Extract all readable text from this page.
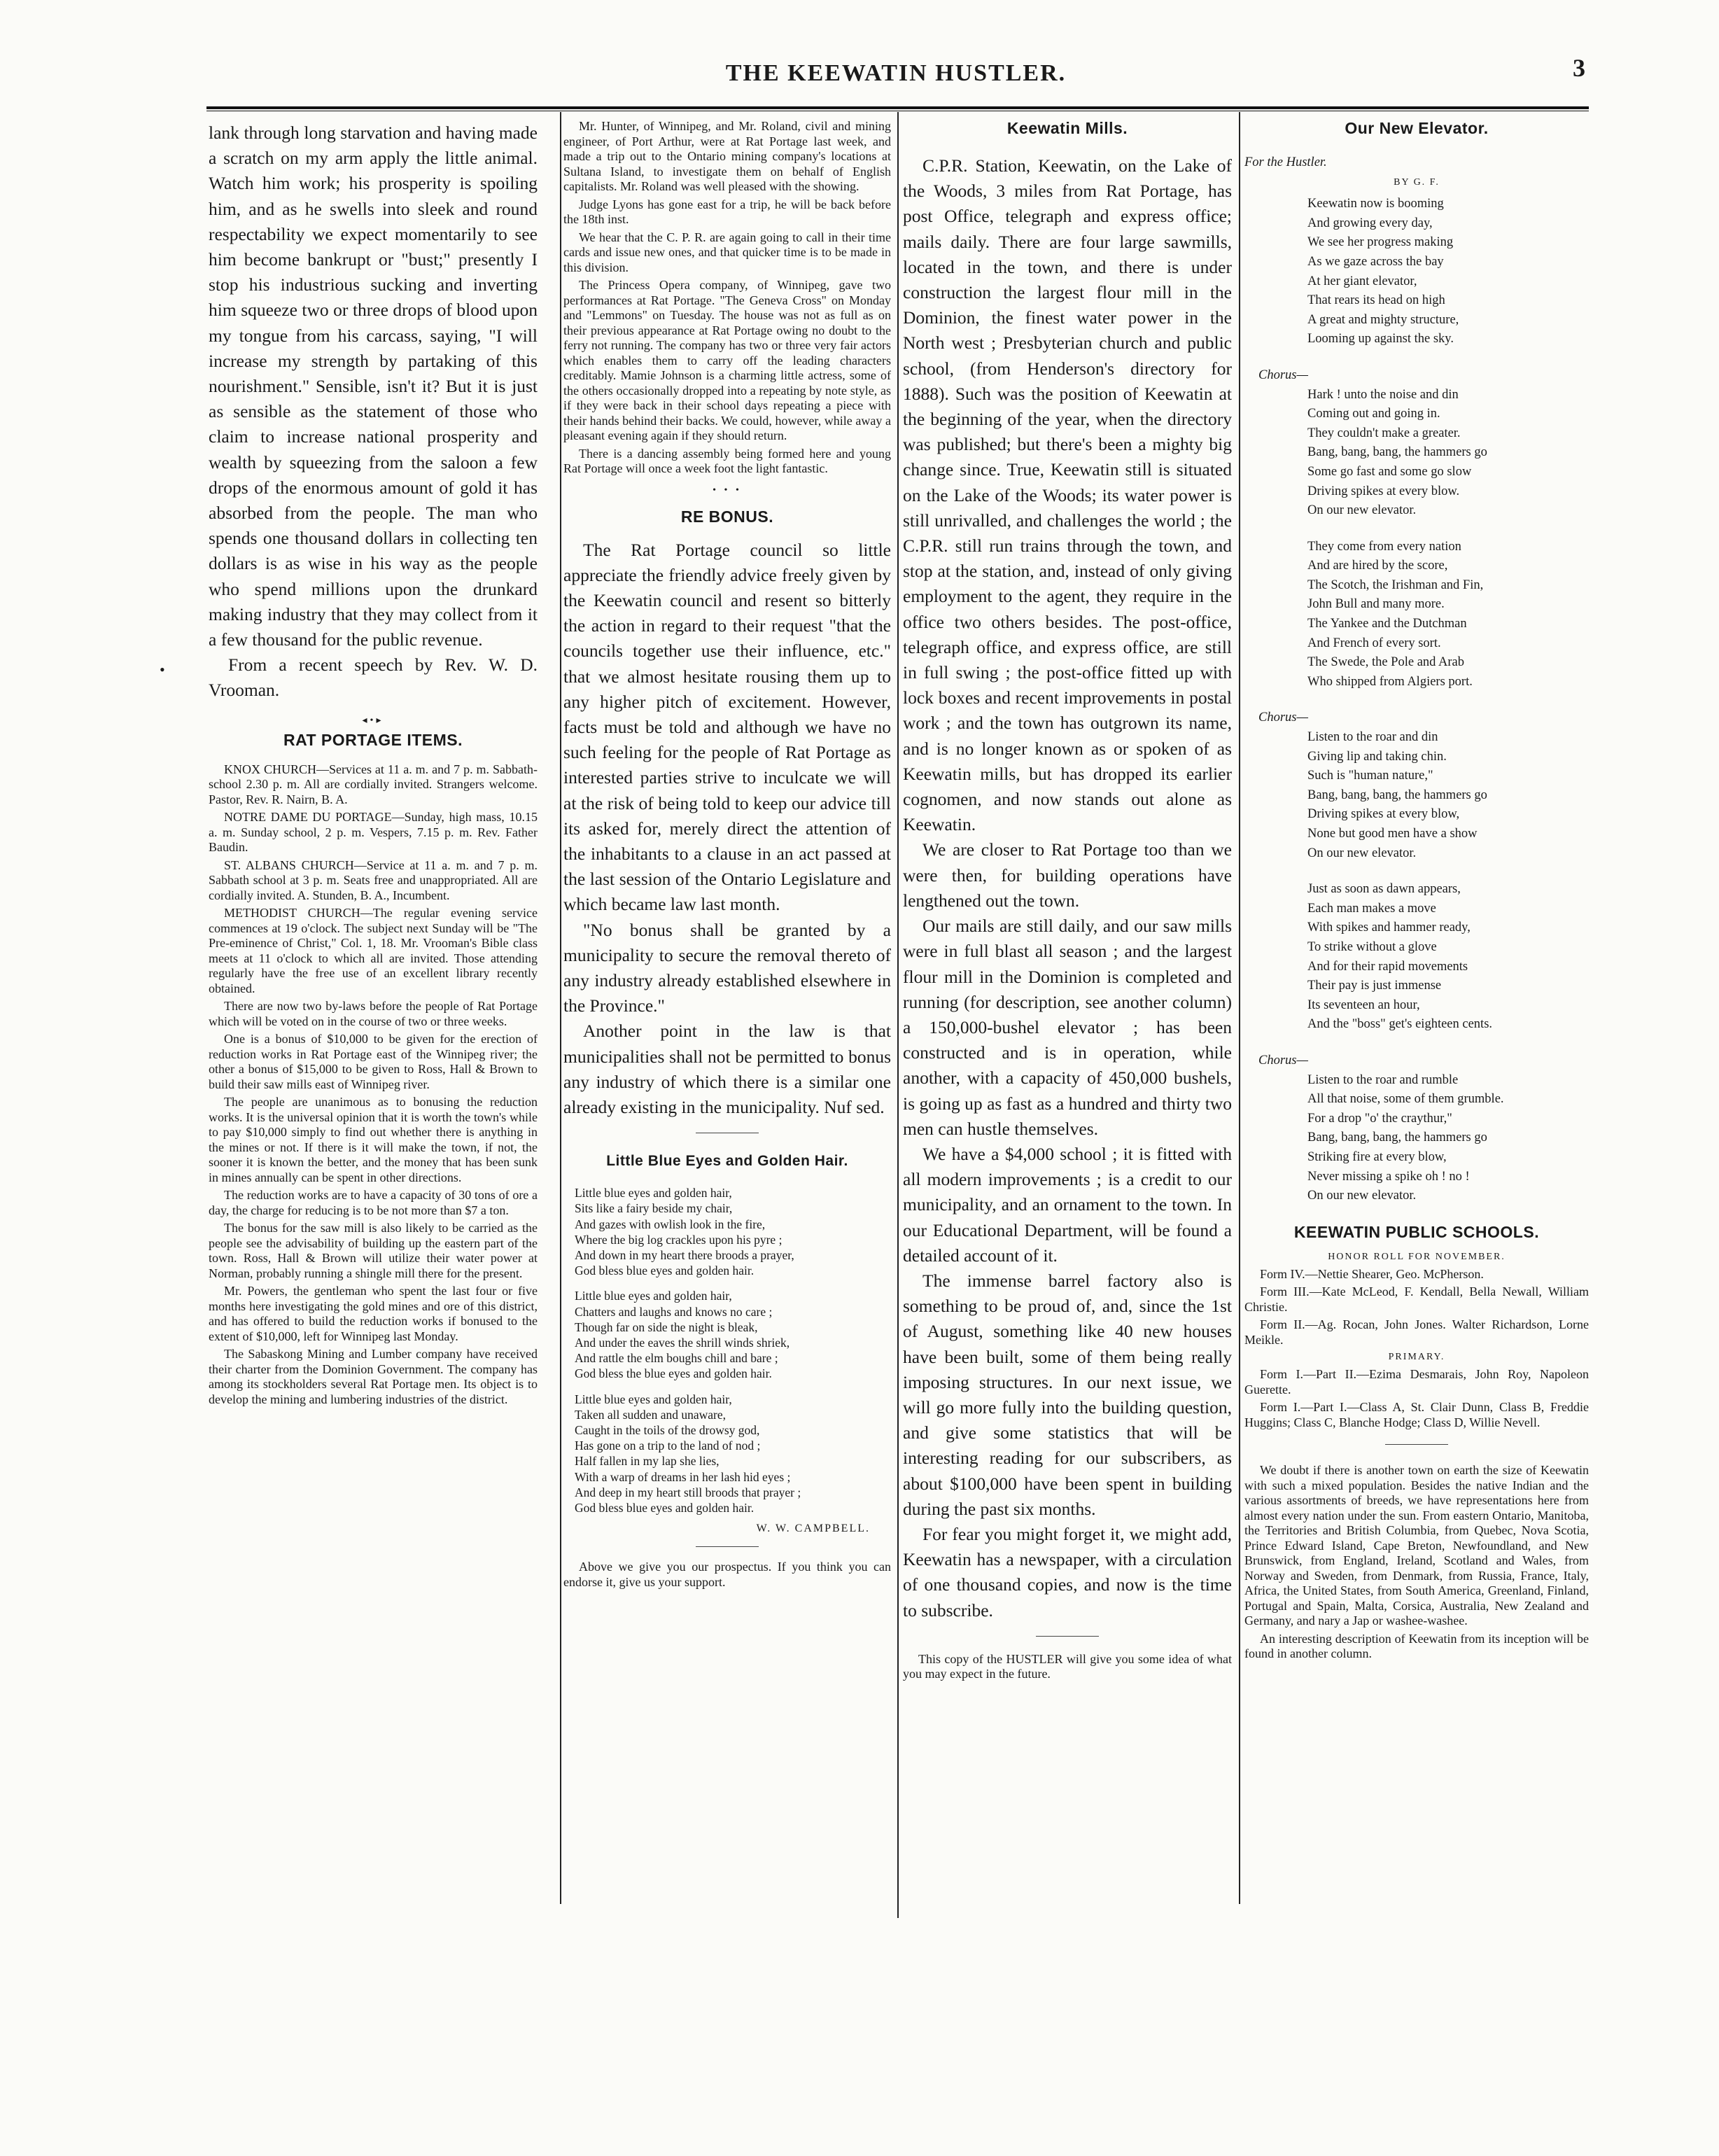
THE KEEWATIN HUSTLER.	3
•

lank through long starvation and having made a scratch on my arm apply the little animal. Watch him work; his prosperity is spoiling him, and as he swells into sleek and round respectability we expect momentarily to see him become bankrupt or "bust;" presently I stop his industrious sucking and inverting him squeeze two or three drops of blood upon my tongue from his carcass, saying, "I will increase my strength by partaking of this nourishment." Sensible, isn't it? But it is just as sensible as the statement of those who claim to increase national prosperity and wealth by squeezing from the saloon a few drops of the enormous amount of gold it has absorbed from the people. The man who spends one thousand dollars in collecting ten dollars is as wise in his way as the people who spend millions upon the drunkard making industry that they may collect from it a few thousand for the public revenue.

From a recent speech by Rev. W. D. Vrooman.

◂•▸
RAT PORTAGE ITEMS.

KNOX CHURCH—Services at 11 a. m. and 7 p. m. Sabbath-school 2.30 p. m. All are cordially invited. Strangers welcome. Pastor, Rev. R. Nairn, B. A.

NOTRE DAME DU PORTAGE—Sunday, high mass, 10.15 a. m. Sunday school, 2 p. m. Vespers, 7.15 p. m. Rev. Father Baudin.

ST. ALBANS CHURCH—Service at 11 a. m. and 7 p. m. Sabbath school at 3 p. m. Seats free and unappropriated. All are cordially invited. A. Stunden, B. A., Incumbent.

METHODIST CHURCH—The regular evening service commences at 19 o'clock. The subject next Sunday will be "The Pre-eminence of Christ," Col. 1, 18. Mr. Vrooman's Bible class meets at 11 o'clock to which all are invited. Those attending regularly have the free use of an excellent library recently obtained.

There are now two by-laws before the people of Rat Portage which will be voted on in the course of two or three weeks.

One is a bonus of $10,000 to be given for the erection of reduction works in Rat Portage east of the Winnipeg river; the other a bonus of $15,000 to be given to Ross, Hall & Brown to build their saw mills east of Winnipeg river.

The people are unanimous as to bonusing the reduction works. It is the universal opinion that it is worth the town's while to pay $10,000 simply to find out whether there is anything in the mines or not. If there is it will make the town, if not, the sooner it is known the better, and the money that has been sunk in mines annually can be spent in other directions.

The reduction works are to have a capacity of 30 tons of ore a day, the charge for reducing is to be not more than $7 a ton.

The bonus for the saw mill is also likely to be carried as the people see the advisability of building up the eastern part of the town. Ross, Hall & Brown will utilize their water power at Norman, probably running a shingle mill there for the present.

Mr. Powers, the gentleman who spent the last four or five months here investigating the gold mines and ore of this district, and has offered to build the reduction works if bonused to the extent of $10,000, left for Winnipeg last Monday.

The Sabaskong Mining and Lumber company have received their charter from the Dominion Government. The company has among its stockholders several Rat Portage men. Its object is to develop the mining and lumbering industries of the district.

Mr. Hunter, of Winnipeg, and Mr. Roland, civil and mining engineer, of Port Arthur, were at Rat Portage last week, and made a trip out to the Ontario mining company's locations at Sultana Island, to investigate them on behalf of English capitalists. Mr. Roland was well pleased with the showing.

Judge Lyons has gone east for a trip, he will be back before the 18th inst.

We hear that the C. P. R. are again going to call in their time cards and issue new ones, and that quicker time is to be made in this division.

The Princess Opera company, of Winnipeg, gave two performances at Rat Portage. "The Geneva Cross" on Monday and "Lemmons" on Tuesday. The house was not as full as on their previous appearance at Rat Portage owing no doubt to the ferry not running. The company has two or three very fair actors which enables them to carry off the leading characters creditably. Mamie Johnson is a charming little actress, some of the others occasionally dropped into a repeating by note style, as if they were back in their school days repeating a piece with their hands behind their backs. We could, however, while away a pleasant evening again if they should return.

There is a dancing assembly being formed here and young Rat Portage will once a week foot the light fantastic.

• • •
RE BONUS.

The Rat Portage council so little appreciate the friendly advice freely given by the Keewatin council and resent so bitterly the action in regard to their request "that the councils together use their influence, etc." that we almost hesitate rousing them up to any higher pitch of excitement. However, facts must be told and although we have no such feeling for the people of Rat Portage as interested parties strive to inculcate we will at the risk of being told to keep our advice till its asked for, merely direct the attention of the inhabitants to a clause in an act passed at the last session of the Ontario Legislature and which became law last month.

"No bonus shall be granted by a municipality to secure the removal thereto of any industry already established elsewhere in the Province."

Another point in the law is that municipalities shall not be permitted to bonus any industry of which there is a similar one already existing in the municipality. Nuf sed.

Little Blue Eyes and Golden Hair.
Little blue eyes and golden hair,
Sits like a fairy beside my chair,
And gazes with owlish look in the fire,
Where the big log crackles upon his pyre ;
And down in my heart there broods a prayer,
God bless blue eyes and golden hair.
Little blue eyes and golden hair,
Chatters and laughs and knows no care ;
Though far on side the night is bleak,
And under the eaves the shrill winds shriek,
And rattle the elm boughs chill and bare ;
God bless the blue eyes and golden hair.
Little blue eyes and golden hair,
Taken all sudden and unaware,
Caught in the toils of the drowsy god,
Has gone on a trip to the land of nod ;
Half fallen in my lap she lies,
With a warp of dreams in her lash hid eyes ;
And deep in my heart still broods that prayer ;
God bless blue eyes and golden hair.
W. W. CAMPBELL.

Above we give you our prospectus. If you think you can endorse it, give us your support.

Keewatin Mills.

C.P.R. Station, Keewatin, on the Lake of the Woods, 3 miles from Rat Portage, has post Office, telegraph and express office; mails daily. There are four large sawmills, located in the town, and there is under construction the largest flour mill in the Dominion, the finest water power in the North west ; Presbyterian church and public school, (from Henderson's directory for 1888). Such was the position of Keewatin at the beginning of the year, when the directory was published; but there's been a mighty big change since. True, Keewatin still is situated on the Lake of the Woods; its water power is still unrivalled, and challenges the world ; the C.P.R. still run trains through the town, and stop at the station, and, instead of only giving employment to the agent, they require in the office two others besides. The post-office, telegraph office, and express office, are still in full swing ; the post-office fitted up with lock boxes and recent improvements in postal work ; and the town has outgrown its name, and is no longer known as or spoken of as Keewatin mills, but has dropped its earlier cognomen, and now stands out alone as Keewatin.

We are closer to Rat Portage too than we were then, for building operations have lengthened out the town.

Our mails are still daily, and our saw mills were in full blast all season ; and the largest flour mill in the Dominion is completed and running (for description, see another column) a 150,000-bushel elevator ; has been constructed and is in operation, while another, with a capacity of 450,000 bushels, is going up as fast as a hundred and thirty two men can hustle themselves.

We have a $4,000 school ; it is fitted with all modern improvements ; is a credit to our municipality, and an ornament to the town. In our Educational Department, will be found a detailed account of it.

The immense barrel factory also is something to be proud of, and, since the 1st of August, something like 40 new houses have been built, some of them being really imposing structures. In our next issue, we will go more fully into the building question, and give some statistics that will be interesting reading for our subscribers, as about $100,000 have been spent in building during the past six months.

For fear you might forget it, we might add, Keewatin has a newspaper, with a circulation of one thousand copies, and now is the time to subscribe.

This copy of the HUSTLER will give you some idea of what you may expect in the future.

Our New Elevator.
For the Hustler.
BY G. F.
Keewatin now is booming
And growing every day,
We see her progress making
As we gaze across the bay
At her giant elevator,
That rears its head on high
A great and mighty structure,
Looming up against the sky.
Chorus—
Hark ! unto the noise and din
Coming out and going in.
They couldn't make a greater.
Bang, bang, bang, the hammers go
Some go fast and some go slow
Driving spikes at every blow.
On our new elevator.
They come from every nation
And are hired by the score,
The Scotch, the Irishman and Fin,
John Bull and many more.
The Yankee and the Dutchman
And French of every sort.
The Swede, the Pole and Arab
Who shipped from Algiers port.
Chorus—
Listen to the roar and din
Giving lip and taking chin.
Such is "human nature,"
Bang, bang, bang, the hammers go
Driving spikes at every blow,
None but good men have a show
On our new elevator.
Just as soon as dawn appears,
Each man makes a move
With spikes and hammer ready,
To strike without a glove
And for their rapid movements
Their pay is just immense
Its seventeen an hour,
And the "boss" get's eighteen cents.
Chorus—
Listen to the roar and rumble
All that noise, some of them grumble.
For a drop "o' the craythur,"
Bang, bang, bang, the hammers go
Striking fire at every blow,
Never missing a spike oh ! no !
On our new elevator.
KEEWATIN PUBLIC SCHOOLS.
HONOR ROLL FOR NOVEMBER.

Form IV.—Nettie Shearer, Geo. McPherson.

Form III.—Kate McLeod, F. Kendall, Bella Newall, William Christie.

Form II.—Ag. Rocan, John Jones. Walter Richardson, Lorne Meikle.

PRIMARY.

Form I.—Part II.—Ezima Desmarais, John Roy, Napoleon Guerette.

Form I.—Part I.—Class A, St. Clair Dunn, Class B, Freddie Huggins; Class C, Blanche Hodge; Class D, Willie Nevell.

We doubt if there is another town on earth the size of Keewatin with such a mixed population. Besides the native Indian and the various assortments of breeds, we have representations here from almost every nation under the sun. From eastern Ontario, Manitoba, the Territories and British Columbia, from Quebec, Nova Scotia, Prince Edward Island, Cape Breton, Newfoundland, and New Brunswick, from England, Ireland, Scotland and Wales, from Norway and Sweden, from Denmark, from Russia, France, Italy, Africa, the United States, from South America, Greenland, Finland, Portugal and Spain, Malta, Corsica, Australia, New Zealand and Germany, and nary a Jap or washee-washee.

An interesting description of Keewatin from its inception will be found in another column.
